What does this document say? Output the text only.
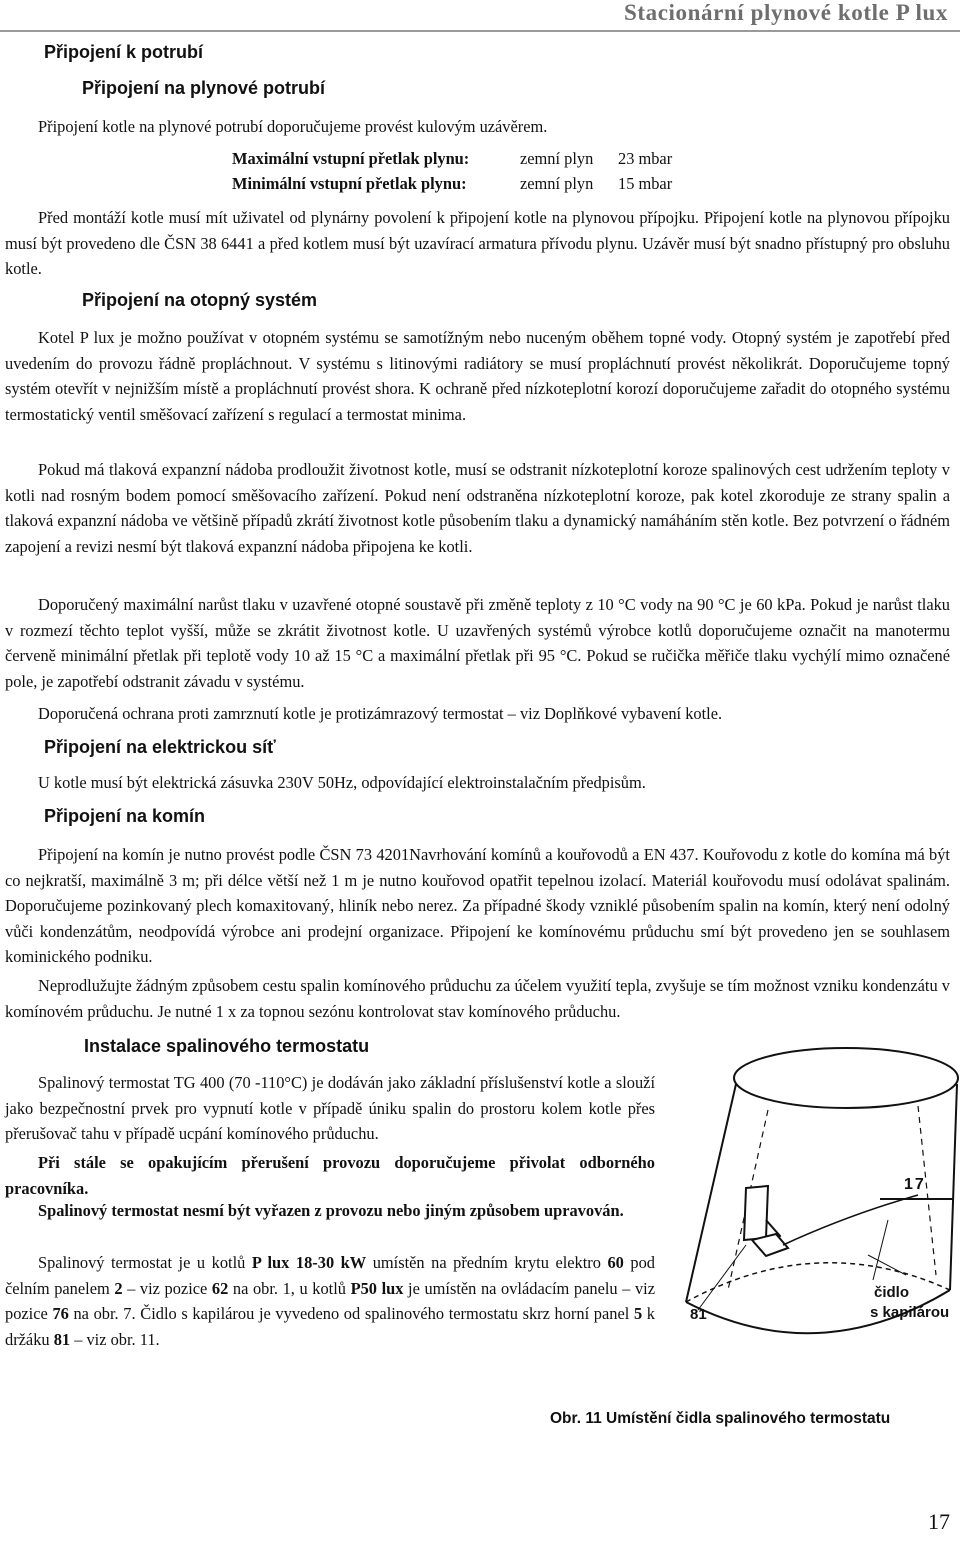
Stacionární plynové kotle P lux
Připojení k potrubí
Připojení na plynové potrubí
Připojení kotle na plynové potrubí doporučujeme provést kulovým uzávěrem.
Maximální vstupní přetlak plynu:	zemní plyn	23 mbar
Minimální vstupní přetlak plynu:	zemní plyn	15 mbar
Před montáží kotle musí mít uživatel od plynárny povolení k připojení kotle na plynovou přípojku. Připojení kotle na plynovou přípojku musí být provedeno dle ČSN 38 6441 a před kotlem musí být uzavírací armatura přívodu plynu. Uzávěr musí být snadno přístupný pro obsluhu kotle.
Připojení na otopný systém
Kotel P lux je možno používat v otopném systému se samotížným nebo nuceným oběhem topné vody. Otopný systém je zapotřebí před uvedením do provozu řádně propláchnout. V systému s litinovými radiátory se musí propláchnutí provést několikrát. Doporučujeme topný systém otevřít v nejnižším místě a propláchnutí provést shora. K ochraně před nízkoteplotní korozí doporučujeme zařadit do otopného systému termostatický ventil směšovací zařízení s regulací a termostat minima.
Pokud má tlaková expanzní nádoba prodloužit životnost kotle, musí se odstranit nízkoteplotní koroze spalinových cest udržením teploty v kotli nad rosným bodem pomocí směšovacího zařízení. Pokud není odstraněna nízkoteplotní koroze, pak kotel zkoroduje ze strany spalin a tlaková expanzní nádoba ve většině případů zkrátí životnost kotle působením tlaku a dynamický namáháním stěn kotle. Bez potvrzení o řádném zapojení a revizi nesmí být tlaková expanzní nádoba připojena ke kotli.
Doporučený maximální narůst tlaku v uzavřené otopné soustavě při změně teploty z 10 °C vody na 90 °C je 60 kPa. Pokud je narůst tlaku v rozmezí těchto teplot vyšší, může se zkrátit životnost kotle. U uzavřených systémů výrobce kotlů doporučujeme označit na manotermu červeně minimální přetlak při teplotě vody 10 až 15 °C a maximální přetlak při 95 °C. Pokud se ručička měřiče tlaku vychýlí mimo označené pole, je zapotřebí odstranit závadu v systému.
Doporučená ochrana proti zamrznutí kotle je protizámrazový termostat – viz Doplňkové vybavení kotle.
Připojení na elektrickou síť
U kotle musí být elektrická zásuvka 230V 50Hz, odpovídající elektroinstalačním předpisům.
Připojení na komín
Připojení na komín je nutno provést podle ČSN 73 4201Navrhování komínů a kouřovodů a EN 437. Kouřovodu z kotle do komína má být co nejkratší, maximálně 3 m; při délce větší než 1 m je nutno kouřovod opatřit tepelnou izolací. Materiál kouřovodu musí odolávat spalinám. Doporučujeme pozinkovaný plech komaxitovaný, hliník nebo nerez. Za případné škody vzniklé působením spalin na komín, který není odolný vůči kondenzátům, neodpovídá výrobce ani prodejní organizace. Připojení ke komínovému průduchu smí být provedeno jen se souhlasem kominického podniku.
Neprodlužujte žádným způsobem cestu spalin komínového průduchu za účelem využití tepla, zvyšuje se tím možnost vzniku kondenzátu v komínovém průduchu. Je nutné 1 x za topnou sezónu kontrolovat stav komínového průduchu.
Instalace spalinového termostatu
Spalinový termostat TG 400 (70 -110°C) je dodáván jako základní příslušenství kotle a slouží jako bezpečnostní prvek pro vypnutí kotle v případě úniku spalin do prostoru kolem kotle přes přerušovač tahu v případě ucpání komínového průduchu.
Při stále se opakujícím přerušení provozu doporučujeme přivolat odborného pracovníka.
Spalinový termostat nesmí být vyřazen z provozu nebo jiným způsobem upravován.
Spalinový termostat je u kotlů P lux 18-30 kW umístěn na předním krytu elektro 60 pod čelním panelem 2 – viz pozice 62 na obr. 1, u kotlů P50 lux je umístěn na ovládacím panelu – viz pozice 76 na obr. 7. Čidlo s kapilárou je vyvedeno od spalinového termostatu skrz horní panel 5 k držáku 81 – viz obr. 11.
17
81
čidlo
s kapilárou
Obr. 11 Umístění čidla spalinového termostatu
17
